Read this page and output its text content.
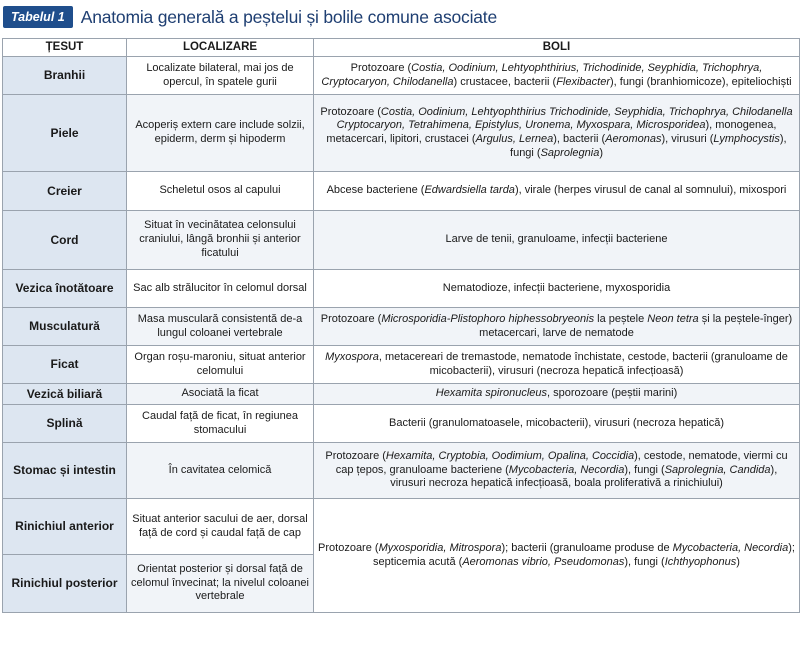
Tabelul 1 Anatomia generală a peștelui și bolile comune asociate
ȚESUT	LOCALIZARE	BOLI
Branhii	Localizate bilateral, mai jos de opercul, în spatele gurii	Protozoare (Costia, Oodinium, Lehtyophthirius, Trichodinide, Seyphidia, Trichophrya, Cryptocaryon, Chilodanella) crustacee, bacterii (Flexibacter), fungi (branhiomicoze), epiteliochiști
Piele	Acoperiș extern care include solzii, epiderm, derm și hipoderm	Protozoare (Costia, Oodinium, Lehtyophthirius Trichodinide, Seyphidia, Trichophrya, Chilodanella Cryptocaryon, Tetrahimena, Epistylus, Uronema, Myxospara, Microsporidea), monogenea, metacercari, lipitori, crustacei (Argulus, Lernea), bacterii (Aeromonas), virusuri (Lymphocystis), fungi (Saprolegnia)
Creier	Scheletul osos al capului	Abcese bacteriene (Edwardsiella tarda), virale (herpes virusul de canal al somnului), mixospori
Cord	Situat în vecinătatea celonsului craniului, lângă bronhii și anterior ficatului	Larve de tenii, granuloame, infecții bacteriene
Vezica înotătoare	Sac alb strălucitor în celomul dorsal	Nematodioze, infecții bacteriene, myxosporidia
Musculatură	Masa musculară consistentă de-a lungul coloanei vertebrale	Protozoare (Microsporidia-Plistophoro hiphessobryeonis la peștele Neon tetra și la peștele-înger) metacercari, larve de nematode
Ficat	Organ roșu-maroniu, situat anterior celomului	Myxospora, metacereari de tremastode, nematode închistate, cestode, bacterii (granuloame de micobacterii), virusuri (necroza hepatică infecțioasă)
Vezică biliară	Asociată la ficat	Hexamita spironucleus, sporozoare (peștii marini)
Splină	Caudal față de ficat, în regiunea stomacului	Bacterii (granulomatoasele, micobacterii), virusuri (necroza hepatică)
Stomac și intestin	În cavitatea celomică	Protozoare (Hexamita, Cryptobia, Oodimium, Opalina, Coccidia), cestode, nematode, viermi cu cap țepos, granuloame bacteriene (Mycobacteria, Necordia), fungi (Saprolegnia, Candida), virusuri necroza hepatică infecțioasă, boala proliferativă a rinichiului)
Rinichiul anterior	Situat anterior sacului de aer, dorsal față de cord și caudal față de cap	Protozoare (Myxosporidia, Mitrospora); bacterii (granuloame produse de Mycobacteria, Necordia); septicemia acută (Aeromonas vibrio, Pseudomonas), fungi (Ichthyophonus)
Rinichiul posterior	Orientat posterior și dorsal față de celomul învecinat; la nivelul coloanei vertebrale	
